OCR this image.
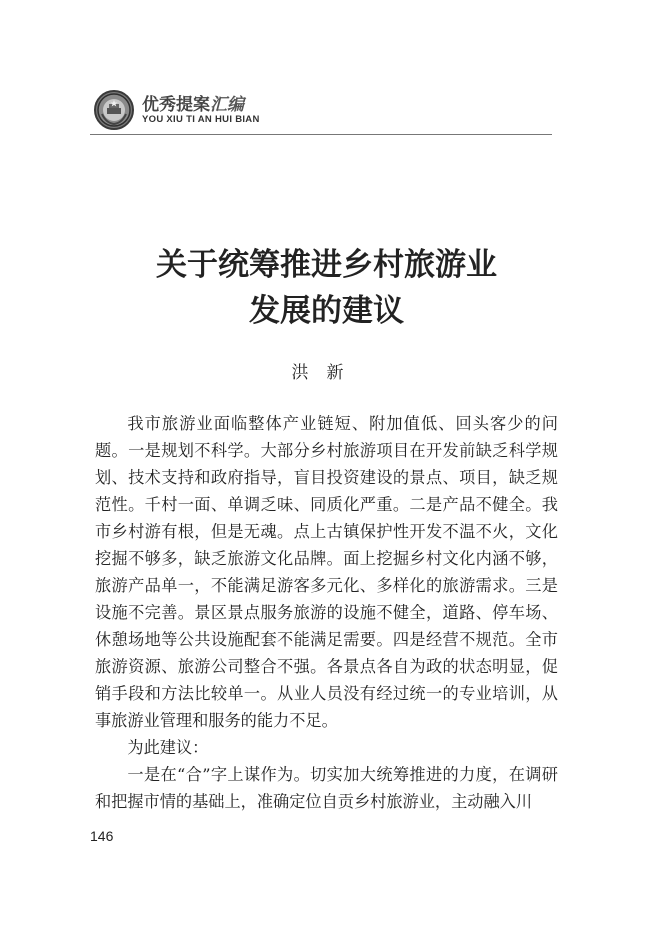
优秀提案汇编
YOU XIU TI AN HUI BIAN
关于统筹推进乡村旅游业
发展的建议
洪新

我市旅游业面临整体产业链短、附加值低、回头客少的问题。一是规划不科学。大部分乡村旅游项目在开发前缺乏科学规划、技术支持和政府指导，盲目投资建设的景点、项目，缺乏规范性。千村一面、单调乏味、同质化严重。二是产品不健全。我市乡村游有根，但是无魂。点上古镇保护性开发不温不火，文化挖掘不够多，缺乏旅游文化品牌。面上挖掘乡村文化内涵不够，旅游产品单一，不能满足游客多元化、多样化的旅游需求。三是设施不完善。景区景点服务旅游的设施不健全，道路、停车场、休憩场地等公共设施配套不能满足需要。四是经营不规范。全市旅游资源、旅游公司整合不强。各景点各自为政的状态明显，促销手段和方法比较单一。从业人员没有经过统一的专业培训，从事旅游业管理和服务的能力不足。

为此建议：

一是在“合”字上谋作为。切实加大统筹推进的力度，在调研和把握市情的基础上，准确定位自贡乡村旅游业，主动融入川

146
